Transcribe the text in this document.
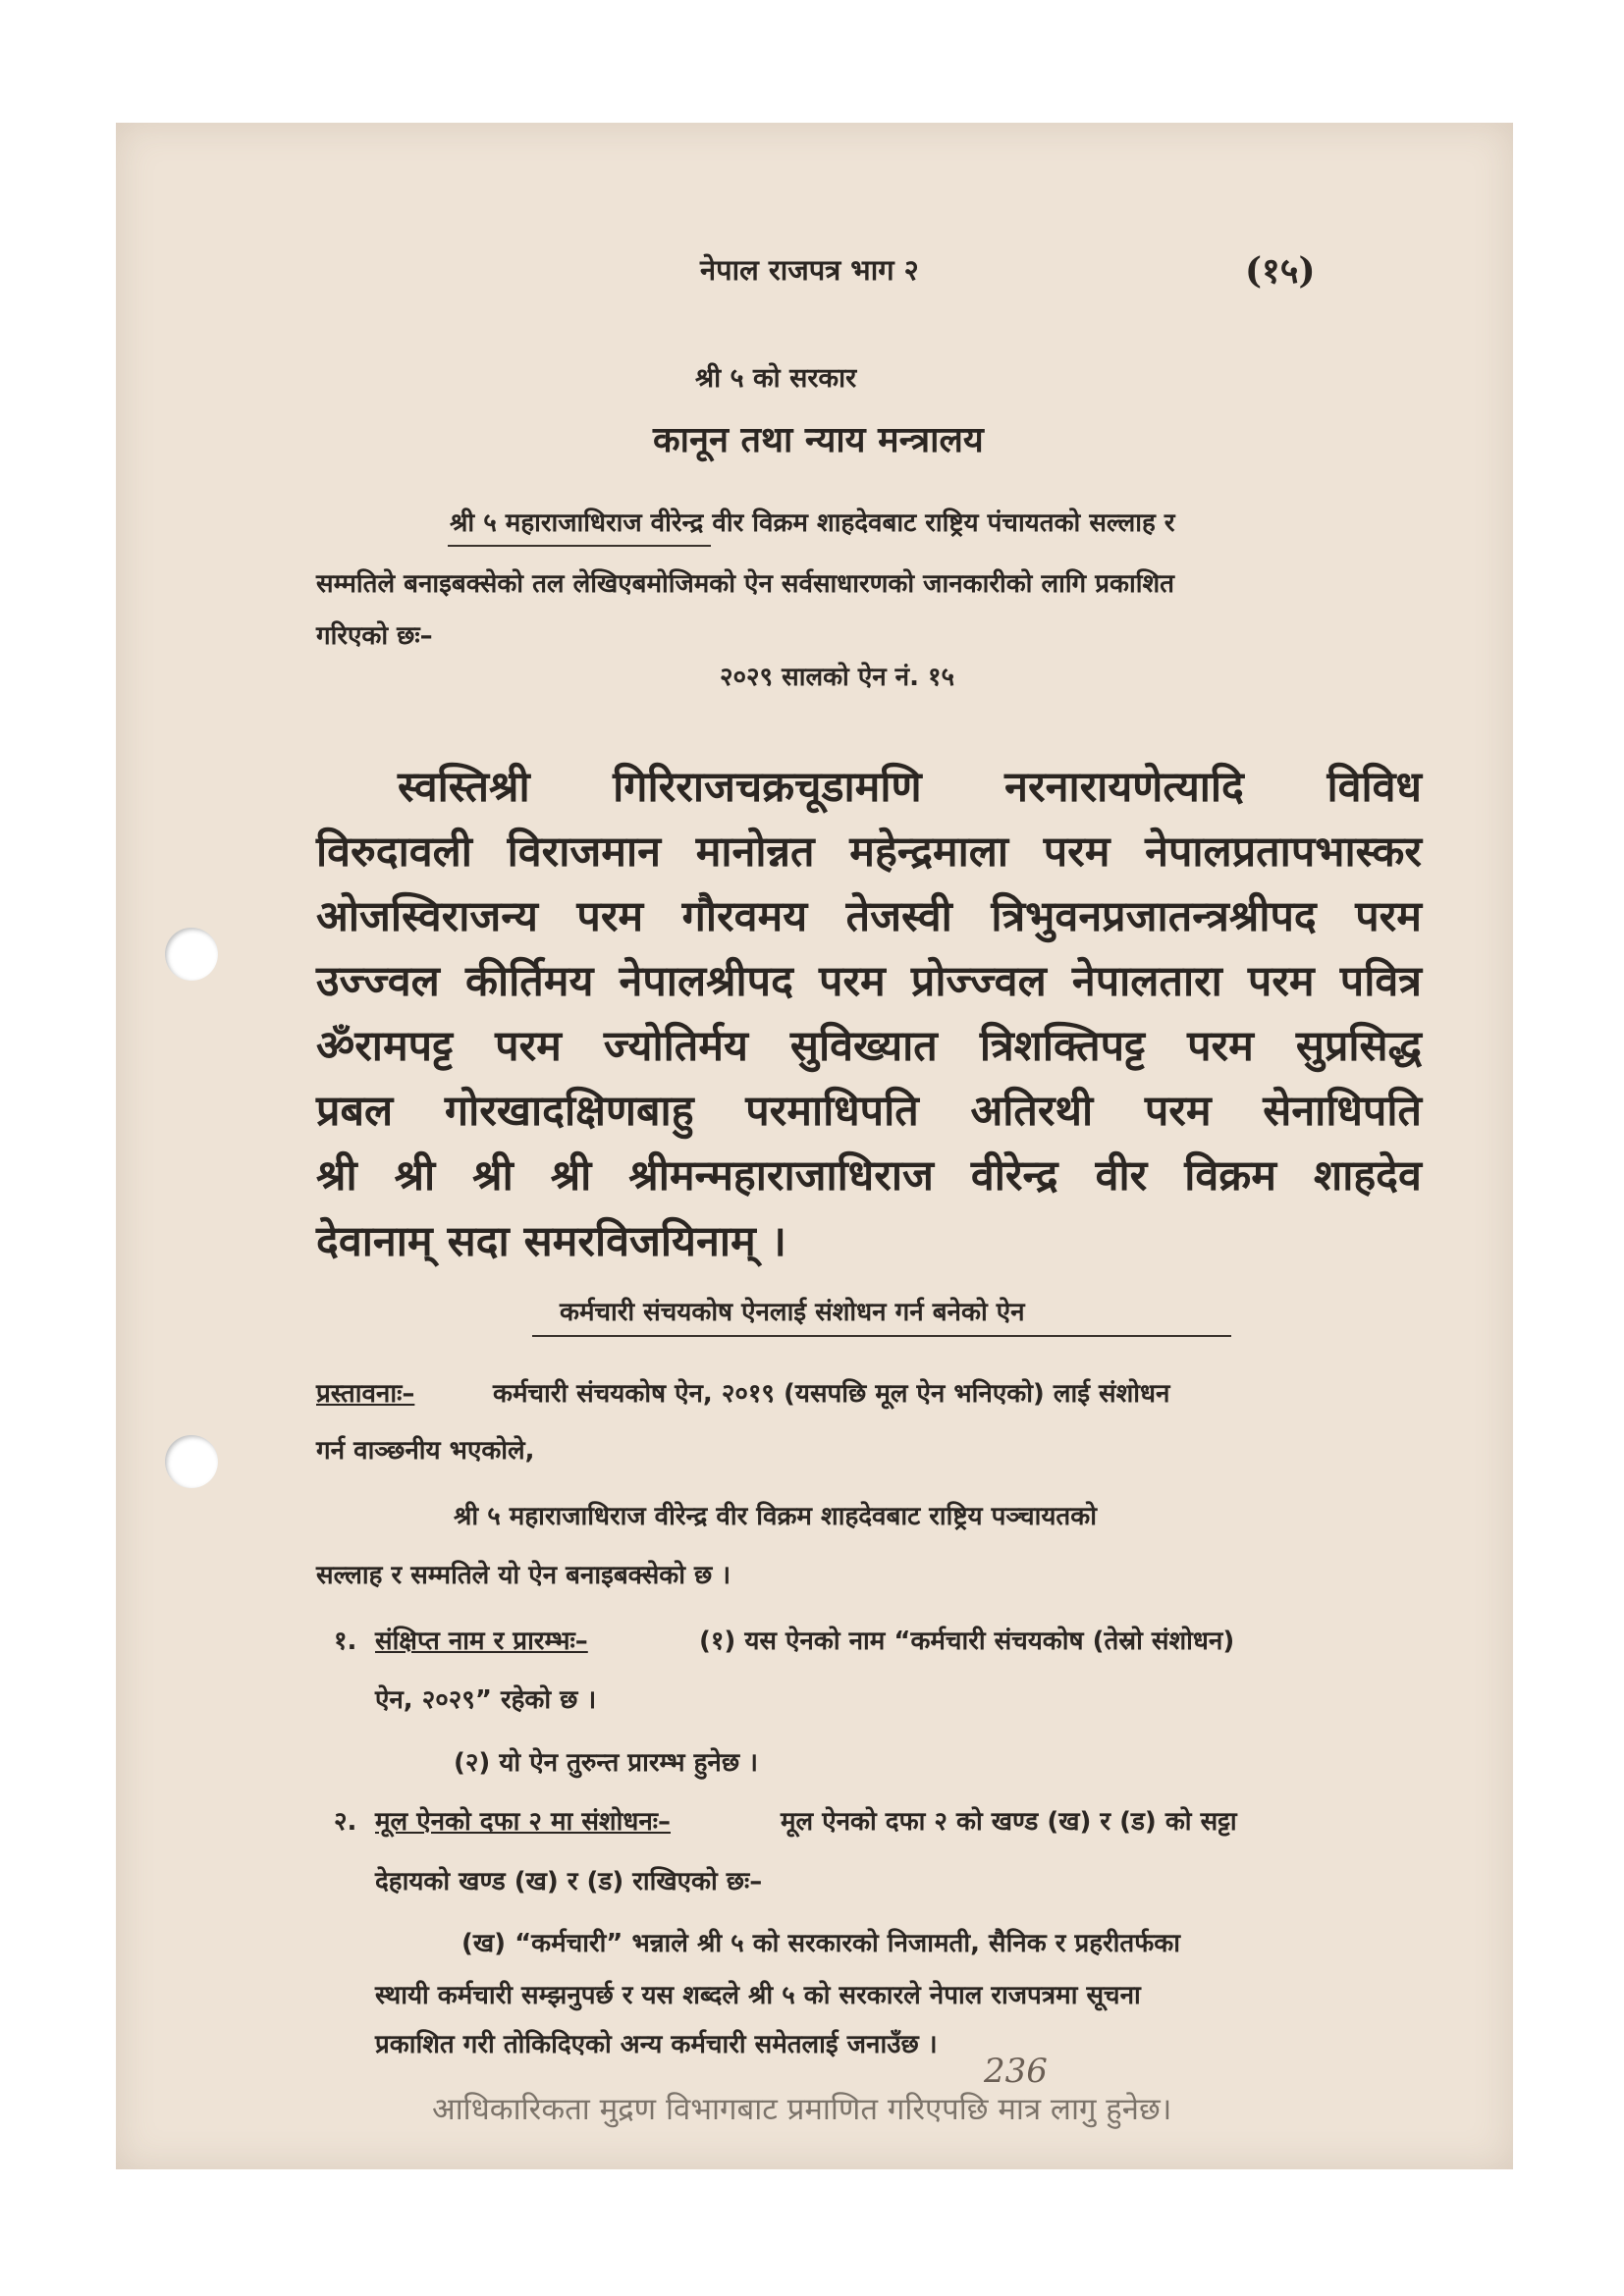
नेपाल राजपत्र भाग २	(१५)
श्री ५ को सरकार
कानून तथा न्याय मन्त्रालय
श्री ५ महाराजाधिराज वीरेन्द्र वीर विक्रम शाहदेवबाट राष्ट्रिय पंचायतको सल्लाह र
सम्मतिले बनाइबक्सेको तल लेखिएबमोजिमको ऐन सर्वसाधारणको जानकारीको लागि प्रकाशित
गरिएको छः–
२०२९ सालको ऐन नं. १५
स्वस्तिश्री गिरिराजचक्रचूडामणि नरनारायणेत्यादि विविध
विरुदावली विराजमान मानोन्नत महेन्द्रमाला परम नेपालप्रतापभास्कर
ओजस्विराजन्य परम गौरवमय तेजस्वी त्रिभुवनप्रजातन्त्रश्रीपद परम
उज्ज्वल कीर्तिमय नेपालश्रीपद परम प्रोज्ज्वल नेपालतारा परम पवित्र
ॐरामपट्ट परम ज्योतिर्मय सुविख्यात त्रिशक्तिपट्ट परम सुप्रसिद्ध
प्रबल गोरखादक्षिणबाहु परमाधिपति अतिरथी परम सेनाधिपति
श्री श्री श्री श्री श्रीमन्महाराजाधिराज वीरेन्द्र वीर विक्रम शाहदेव
देवानाम् सदा समरविजयिनाम् ।
कर्मचारी संचयकोष ऐनलाई संशोधन गर्न बनेको ऐन
प्रस्तावनाः–	कर्मचारी संचयकोष ऐन, २०१९ (यसपछि मूल ऐन भनिएको) लाई संशोधन
गर्न वाञ्छनीय भएकोले,
श्री ५ महाराजाधिराज वीरेन्द्र वीर विक्रम शाहदेवबाट राष्ट्रिय पञ्चायतको
सल्लाह र सम्मतिले यो ऐन बनाइबक्सेको छ ।
१. संक्षिप्त नाम र प्रारम्भः–	(१) यस ऐनको नाम “कर्मचारी संचयकोष (तेस्रो संशोधन)
ऐन, २०२९” रहेको छ ।
(२) यो ऐन तुरुन्त प्रारम्भ हुनेछ ।
२. मूल ऐनको दफा २ मा संशोधनः–	मूल ऐनको दफा २ को खण्ड (ख) र (ड) को सट्टा
देहायको खण्ड (ख) र (ड) राखिएको छः–
(ख) “कर्मचारी” भन्नाले श्री ५ को सरकारको निजामती, सैनिक र प्रहरीतर्फका
स्थायी कर्मचारी सम्झनुपर्छ र यस शब्दले श्री ५ को सरकारले नेपाल राजपत्रमा सूचना
प्रकाशित गरी तोकिदिएको अन्य कर्मचारी समेतलाई जनाउँछ ।
236
आधिकारिकता मुद्रण विभागबाट प्रमाणित गरिएपछि मात्र लागु हुनेछ।
